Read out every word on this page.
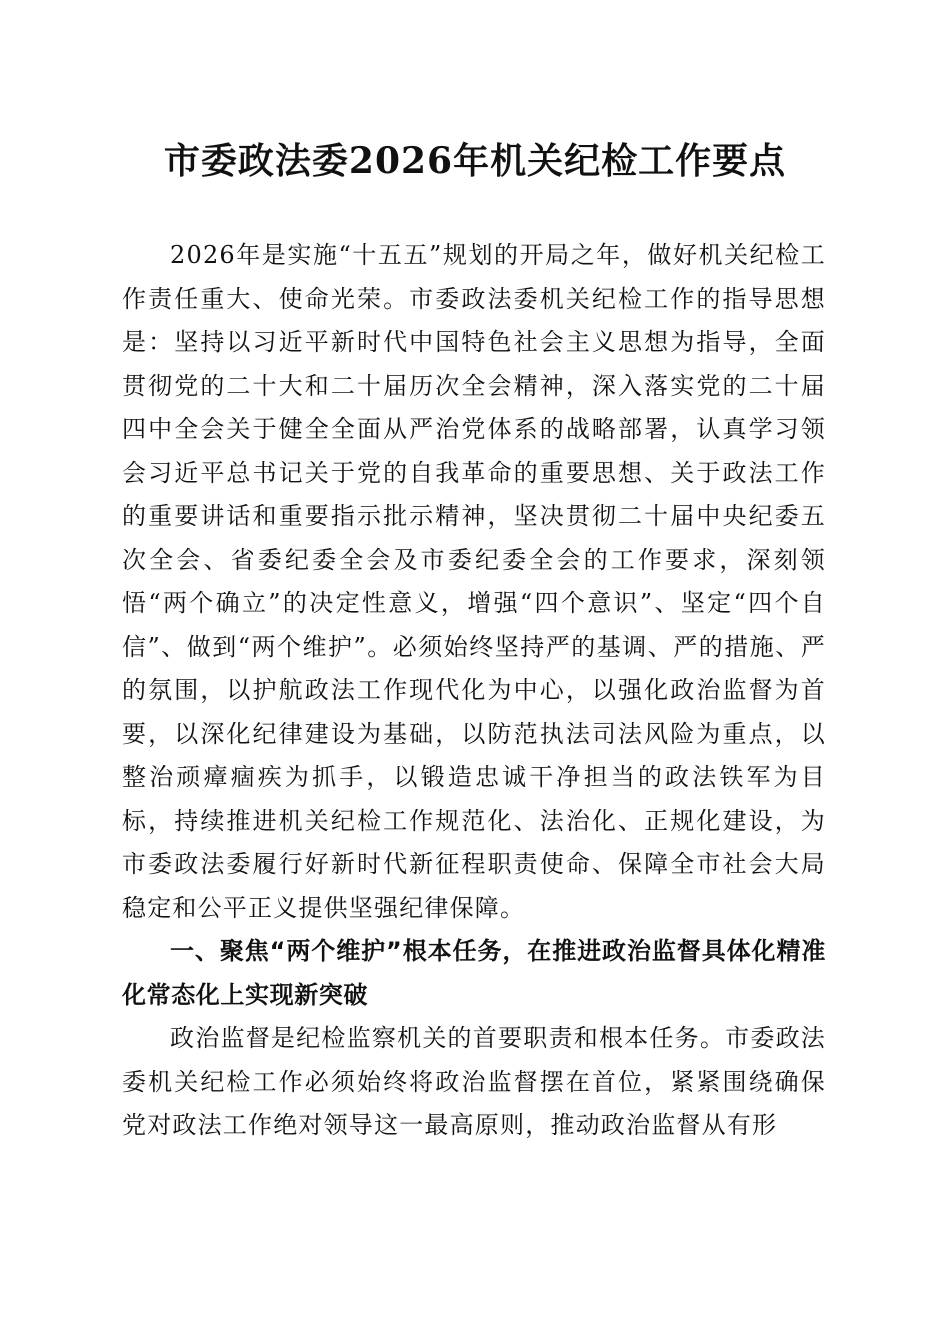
市委政法委2026年机关纪检工作要点

2026年是实施“十五五”规划的开局之年，做好机关纪检工作责任重大、使命光荣。市委政法委机关纪检工作的指导思想是：坚持以习近平新时代中国特色社会主义思想为指导，全面贯彻党的二十大和二十届历次全会精神，深入落实党的二十届四中全会关于健全全面从严治党体系的战略部署，认真学习领会习近平总书记关于党的自我革命的重要思想、关于政法工作的重要讲话和重要指示批示精神，坚决贯彻二十届中央纪委五次全会、省委纪委全会及市委纪委全会的工作要求，深刻领悟“两个确立”的决定性意义，增强“四个意识”、坚定“四个自信”、做到“两个维护”。必须始终坚持严的基调、严的措施、严的氛围，以护航政法工作现代化为中心，以强化政治监督为首要，以深化纪律建设为基础，以防范执法司法风险为重点，以整治顽瘴痼疾为抓手，以锻造忠诚干净担当的政法铁军为目标，持续推进机关纪检工作规范化、法治化、正规化建设，为市委政法委履行好新时代新征程职责使命、保障全市社会大局稳定和公平正义提供坚强纪律保障。

一、聚焦“两个维护”根本任务，在推进政治监督具体化精准化常态化上实现新突破

政治监督是纪检监察机关的首要职责和根本任务。市委政法委机关纪检工作必须始终将政治监督摆在首位，紧紧围绕确保党对政法工作绝对领导这一最高原则，推动政治监督从有形
